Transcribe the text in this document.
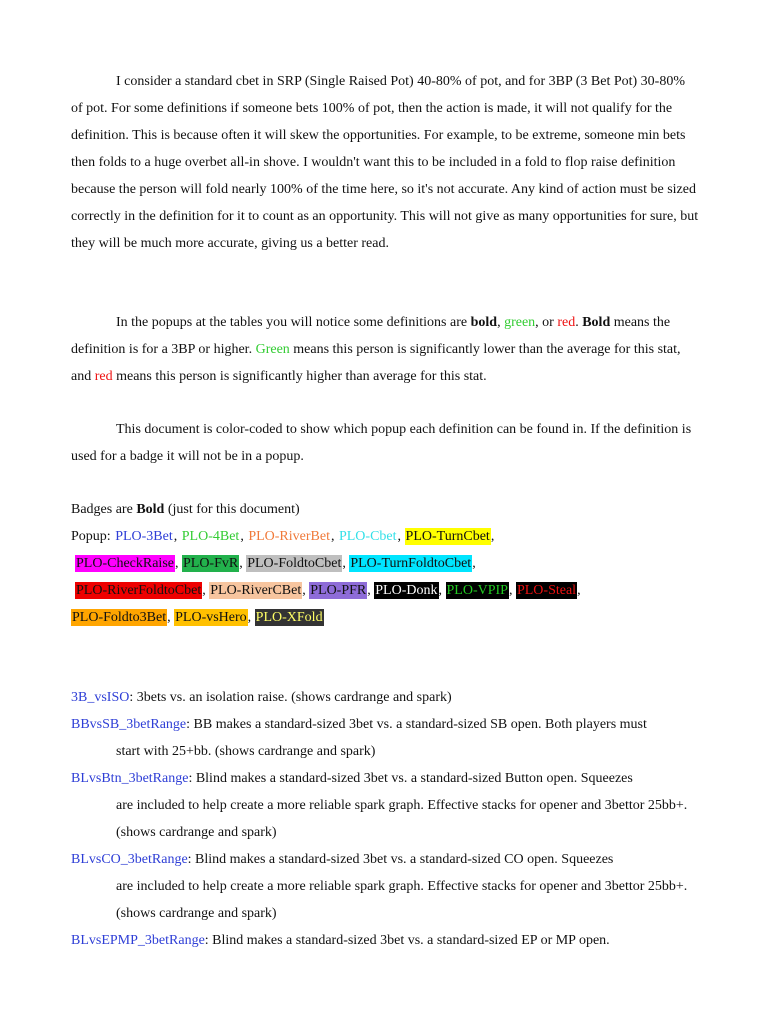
I consider a standard cbet in SRP (Single Raised Pot) 40-80% of pot, and for 3BP (3 Bet Pot) 30-80% of pot. For some definitions if someone bets 100% of pot, then the action is made, it will not qualify for the definition. This is because often it will skew the opportunities. For example, to be extreme, someone min bets then folds to a huge overbet all-in shove. I wouldn't want this to be included in a fold to flop raise definition because the person will fold nearly 100% of the time here, so it's not accurate. Any kind of action must be sized correctly in the definition for it to count as an opportunity. This will not give as many opportunities for sure, but they will be much more accurate, giving us a better read.

In the popups at the tables you will notice some definitions are bold, green, or red. Bold means the definition is for a 3BP or higher. Green means this person is significantly lower than the average for this stat, and red means this person is significantly higher than average for this stat.

This document is color-coded to show which popup each definition can be found in. If the definition is used for a badge it will not be in a popup.

Badges are Bold (just for this document)
Popup: PLO-3Bet, PLO-4Bet, PLO-RiverBet, PLO-Cbet, PLO-TurnCbet,
PLO-CheckRaise, PLO-FvR, PLO-FoldtoCbet, PLO-TurnFoldtoCbet,
PLO-RiverFoldtoCbet, PLO-RiverCBet, PLO-PFR, PLO-Donk, PLO-VPIP, PLO-Steal,
PLO-Foldto3Bet, PLO-vsHero, PLO-XFold
3B_vsISO: 3bets vs. an isolation raise. (shows cardrange and spark)
BBvsSB_3betRange: BB makes a standard-sized 3bet vs. a standard-sized SB open. Both players must
start with 25+bb. (shows cardrange and spark)
BLvsBtn_3betRange: Blind makes a standard-sized 3bet vs. a standard-sized Button open. Squeezes
are included to help create a more reliable spark graph. Effective stacks for opener and 3bettor 25bb+. (shows cardrange and spark)
BLvsCO_3betRange: Blind makes a standard-sized 3bet vs. a standard-sized CO open. Squeezes
are included to help create a more reliable spark graph. Effective stacks for opener and 3bettor 25bb+. (shows cardrange and spark)
BLvsEPMP_3betRange: Blind makes a standard-sized 3bet vs. a standard-sized EP or MP open.
